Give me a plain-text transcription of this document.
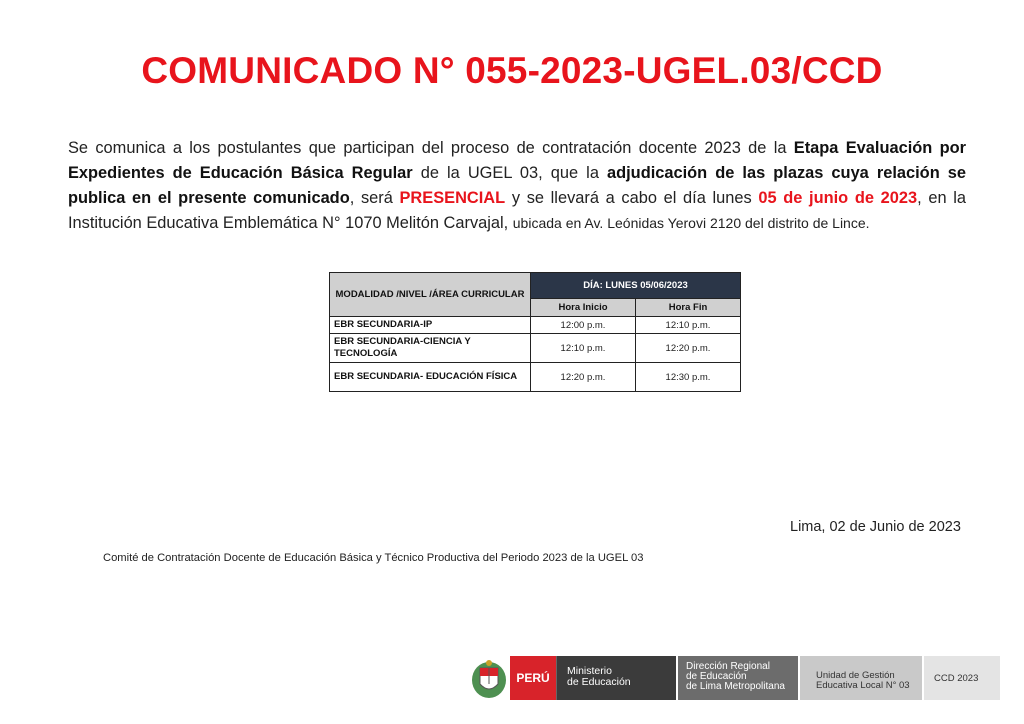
COMUNICADO N° 055-2023-UGEL.03/CCD
Se comunica a los postulantes que participan del proceso de contratación docente 2023 de la Etapa Evaluación por Expedientes de Educación Básica Regular de la UGEL 03, que la adjudicación de las plazas cuya relación se publica en el presente comunicado, será PRESENCIAL y se llevará a cabo el día lunes 05 de junio de 2023, en la Institución Educativa Emblemática N° 1070 Melitón Carvajal, ubicada en Av. Leónidas Yerovi 2120 del distrito de Lince.
MODALIDAD /NIVEL /ÁREA CURRICULAR	DÍA: LUNES 05/06/2023	
	Hora Inicio	Hora Fin
EBR SECUNDARIA-IP	12:00 p.m.	12:10 p.m.
EBR SECUNDARIA-CIENCIA Y TECNOLOGÍA	12:10 p.m.	12:20 p.m.
EBR SECUNDARIA- EDUCACIÓN FÍSICA	12:20 p.m.	12:30 p.m.
Lima, 02 de Junio de 2023
Comité de Contratación Docente de Educación Básica y Técnico Productiva del Periodo 2023 de la UGEL 03
PERÚ	Ministerio
de Educación
Dirección Regional
de Educación
de Lima Metropolitana
Unidad de Gestión
Educativa Local N° 03
CCD 2023
